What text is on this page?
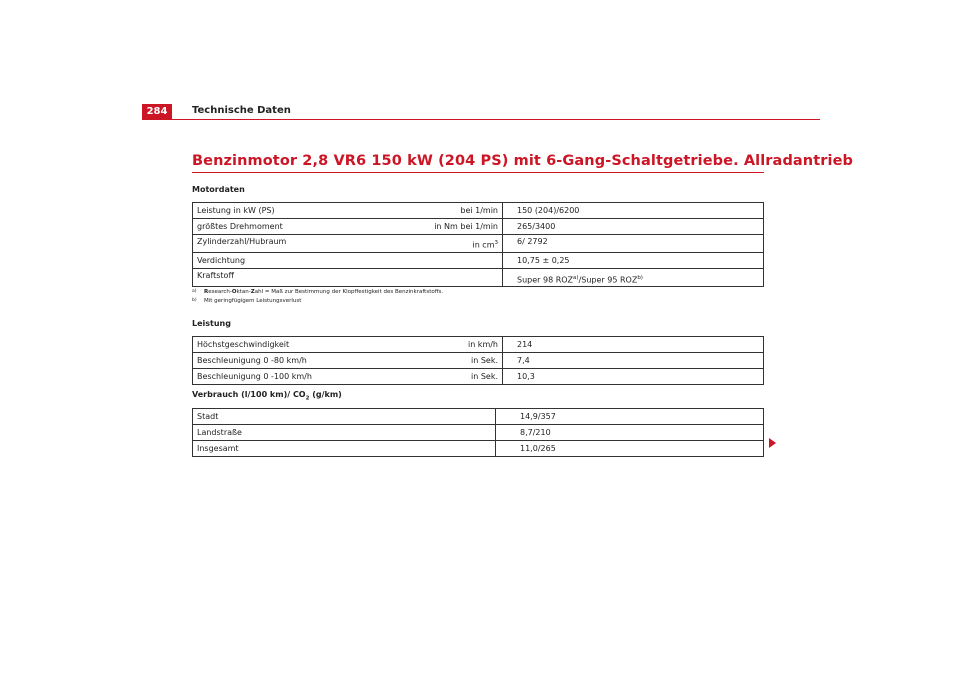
284	Technische Daten
Benzinmotor 2,8 VR6 150 kW (204 PS) mit 6-Gang-Schaltgetriebe. Allradantrieb
Motordaten
Leistung in kW (PS)	bei 1/min	150 (204)/6200
größtes Drehmoment	in Nm bei 1/min	265/3400
Zylinderzahl/Hubraum	in $cm^3$	6/ 2792
Verdichtung		10,75 ± 0,25
Kraftstoff		Super 98 ROZ$^{a)}$/Super 95 ROZ$^{b)}$
a) Research-Oktan-Zahl = Maß zur Bestimmung der Klopffestigkeit des Benzinkraftstoffs.
b) Mit geringfügigem Leistungsverlust
Leistung
Höchstgeschwindigkeit	in km/h	214
Beschleunigung 0 -80 km/h	in Sek.	7,4
Beschleunigung 0 -100 km/h	in Sek.	10,3
Verbrauch (l/100 km)/ $CO_2$ (g/km)
Stadt	14,9/357
Landstraße	8,7/210
Insgesamt	11,0/265
